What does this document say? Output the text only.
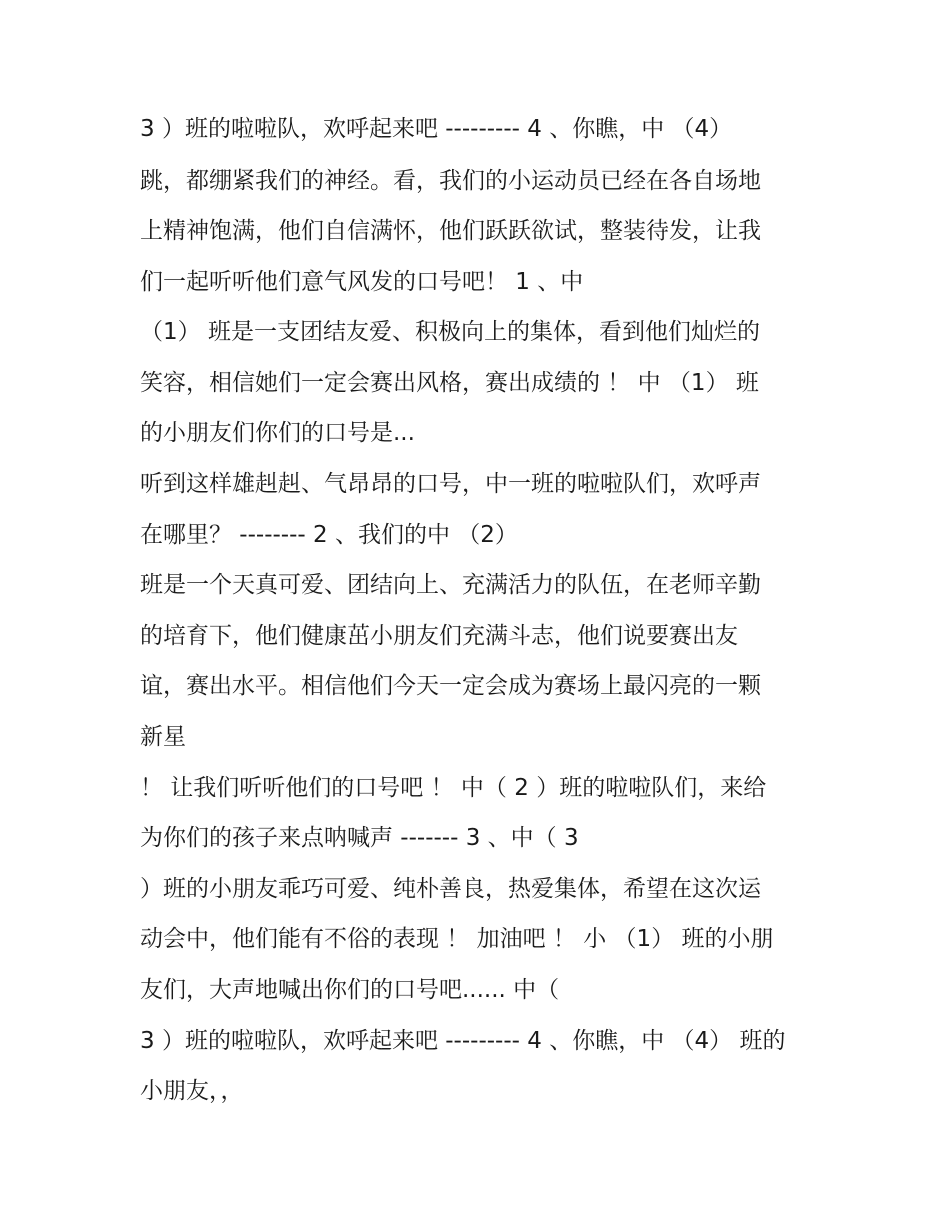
3 ）班的啦啦队，欢呼起来吧 --------- 4 、你瞧，中 （4）
跳，都绷紧我们的神经。看，我们的小运动员已经在各自场地
上精神饱满，他们自信满怀，他们跃跃欲试，整装待发，让我
们一起听听他们意气风发的口号吧！ 1 、中
（1） 班是一支团结友爱、积极向上的集体，看到他们灿烂的
笑容，相信她们一定会赛出风格，赛出成绩的 ！ 中 （1） 班
的小朋友们你们的口号是...
听到这样雄赳赳、气昂昂的口号，中一班的啦啦队们，欢呼声
在哪里？ -------- 2 、我们的中 （2）
班是一个天真可爱、团结向上、充满活力的队伍，在老师辛勤
的培育下，他们健康茁小朋友们充满斗志，他们说要赛出友
谊，赛出水平。相信他们今天一定会成为赛场上最闪亮的一颗
新星
！ 让我们听听他们的口号吧 ！ 中（ 2 ）班的啦啦队们，来给
为你们的孩子来点呐喊声 ------- 3 、中（ 3
）班的小朋友乖巧可爱、纯朴善良，热爱集体，希望在这次运
动会中，他们能有不俗的表现 ！ 加油吧 ！ 小 （1） 班的小朋
友们，大声地喊出你们的口号吧...... 中（
3 ）班的啦啦队，欢呼起来吧 --------- 4 、你瞧，中 （4） 班的
小朋友，，
